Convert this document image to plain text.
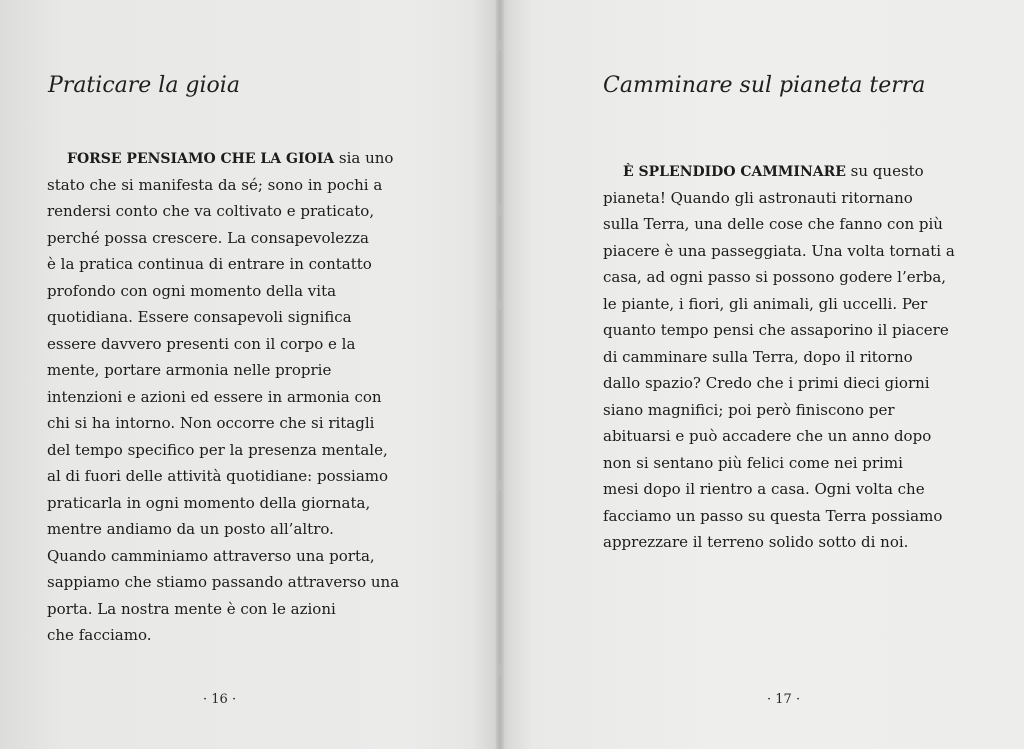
Praticare la gioia
FORSE PENSIAMO CHE LA GIOIA sia uno
stato che si manifesta da sé; sono in pochi a
rendersi conto che va coltivato e praticato,
perché possa crescere. La consapevolezza
è la pratica continua di entrare in contatto
profondo con ogni momento della vita
quotidiana. Essere consapevoli significa
essere davvero presenti con il corpo e la
mente, portare armonia nelle proprie
intenzioni e azioni ed essere in armonia con
chi si ha intorno. Non occorre che si ritagli
del tempo specifico per la presenza mentale,
al di fuori delle attività quotidiane: possiamo
praticarla in ogni momento della giornata,
mentre andiamo da un posto all’altro.
Quando camminiamo attraverso una porta,
sappiamo che stiamo passando attraverso una
porta. La nostra mente è con le azioni
che facciamo.
· 16 ·
Camminare sul pianeta terra
È SPLENDIDO CAMMINARE su questo
pianeta! Quando gli astronauti ritornano
sulla Terra, una delle cose che fanno con più
piacere è una passeggiata. Una volta tornati a
casa, ad ogni passo si possono godere l’erba,
le piante, i fiori, gli animali, gli uccelli. Per
quanto tempo pensi che assaporino il piacere
di camminare sulla Terra, dopo il ritorno
dallo spazio? Credo che i primi dieci giorni
siano magnifici; poi però finiscono per
abituarsi e può accadere che un anno dopo
non si sentano più felici come nei primi
mesi dopo il rientro a casa. Ogni volta che
facciamo un passo su questa Terra possiamo
apprezzare il terreno solido sotto di noi.
· 17 ·
